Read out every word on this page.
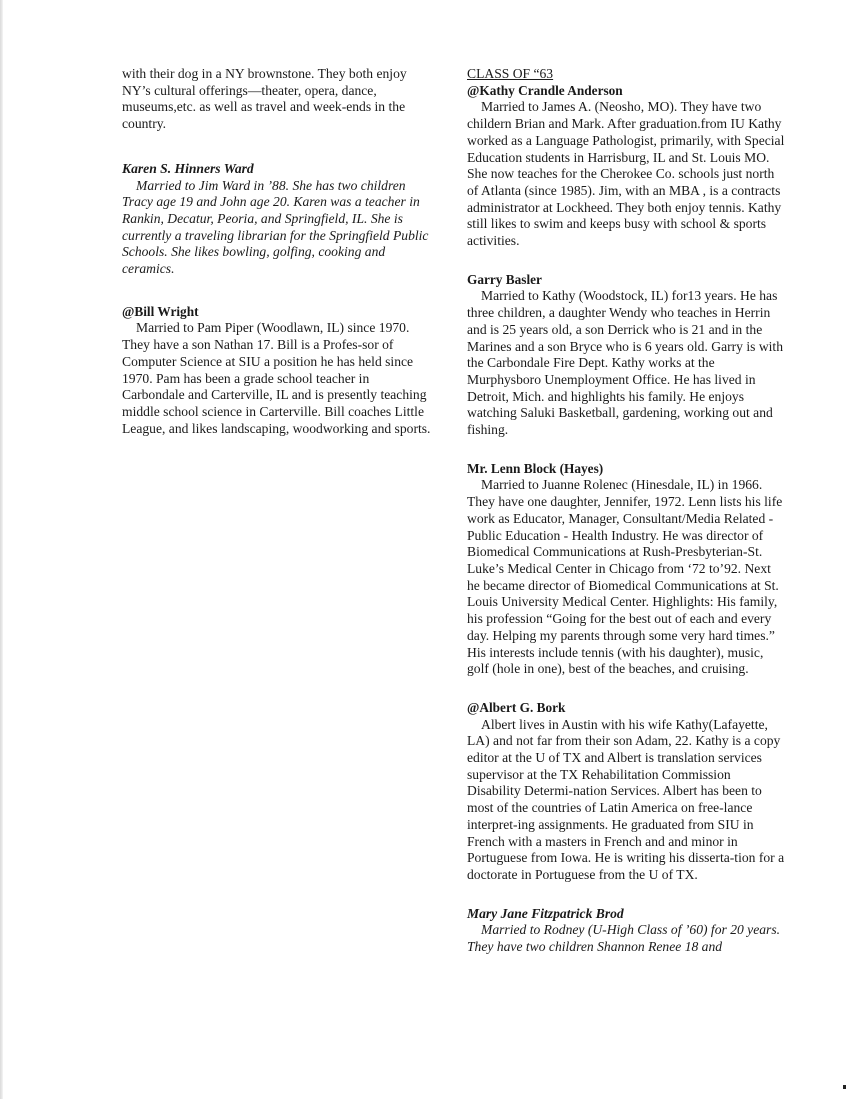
with their dog in a NY brownstone. They both enjoy NY’s cultural offerings—theater, opera, dance, museums,etc. as well as travel and week-ends in the country.

Karen S. Hinners Ward

Married to Jim Ward in ’88. She has two children Tracy age 19 and John age 20. Karen was a teacher in Rankin, Decatur, Peoria, and Springfield, IL. She is currently a traveling librarian for the Springfield Public Schools. She likes bowling, golfing, cooking and ceramics.

@Bill Wright

Married to Pam Piper (Woodlawn, IL) since 1970. They have a son Nathan 17. Bill is a Profes-sor of Computer Science at SIU a position he has held since 1970. Pam has been a grade school teacher in Carbondale and Carterville, IL and is presently teaching middle school science in Carterville. Bill coaches Little League, and likes landscaping, woodworking and sports.

CLASS OF “63

@Kathy Crandle Anderson

Married to James A. (Neosho, MO). They have two childern Brian and Mark. After graduation.from IU Kathy worked as a Language Pathologist, primarily, with Special Education students in Harrisburg, IL and St. Louis MO. She now teaches for the Cherokee Co. schools just north of Atlanta (since 1985). Jim, with an MBA , is a contracts administrator at Lockheed. They both enjoy tennis. Kathy still likes to swim and keeps busy with school & sports activities.

Garry Basler

Married to Kathy (Woodstock, IL) for13 years. He has three children, a daughter Wendy who teaches in Herrin and is 25 years old, a son Derrick who is 21 and in the Marines and a son Bryce who is 6 years old. Garry is with the Carbondale Fire Dept. Kathy works at the Murphysboro Unemployment Office. He has lived in Detroit, Mich. and highlights his family. He enjoys watching Saluki Basketball, gardening, working out and fishing.

Mr. Lenn Block (Hayes)

Married to Juanne Rolenec (Hinesdale, IL) in 1966. They have one daughter, Jennifer, 1972. Lenn lists his life work as Educator, Manager, Consultant/Media Related -Public Education - Health Industry. He was director of Biomedical Communications at Rush-Presbyterian-St. Luke’s Medical Center in Chicago from ‘72 to’92. Next he became director of Biomedical Communications at St. Louis University Medical Center. Highlights: His family, his profession “Going for the best out of each and every day. Helping my parents through some very hard times.” His interests include tennis (with his daughter), music, golf (hole in one), best of the beaches, and cruising.

@Albert G. Bork

Albert lives in Austin with his wife Kathy(Lafayette, LA) and not far from their son Adam, 22. Kathy is a copy editor at the U of TX and Albert is translation services supervisor at the TX Rehabilitation Commission Disability Determi-nation Services. Albert has been to most of the countries of Latin America on free-lance interpret-ing assignments. He graduated from SIU in French with a masters in French and and minor in Portuguese from Iowa. He is writing his disserta-tion for a doctorate in Portuguese from the U of TX.

Mary Jane Fitzpatrick Brod

Married to Rodney (U-High Class of ’60) for 20 years. They have two children Shannon Renee 18 and
